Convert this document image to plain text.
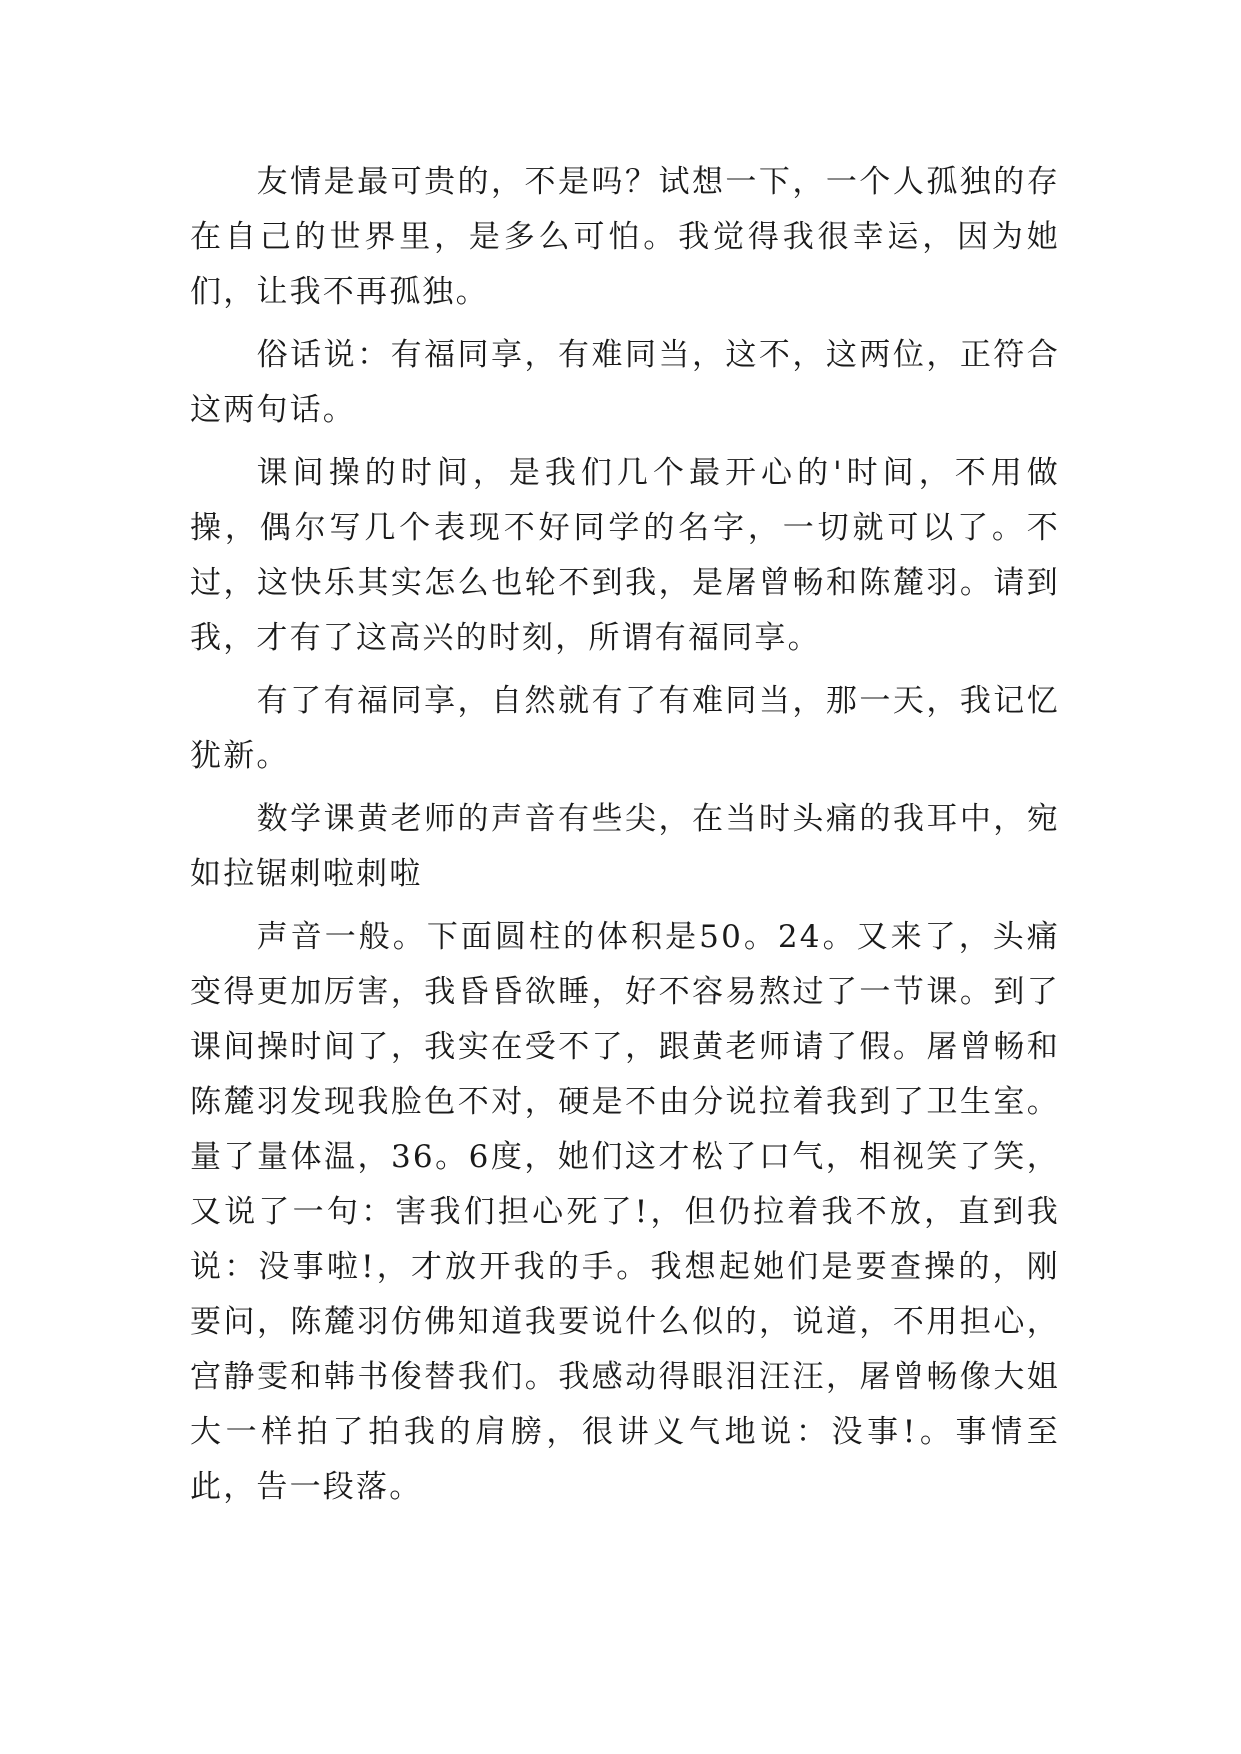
友情是最可贵的，不是吗？试想一下，一个人孤独的存在自己的世界里，是多么可怕。我觉得我很幸运，因为她们，让我不再孤独。

俗话说：有福同享，有难同当，这不，这两位，正符合这两句话。

课间操的时间，是我们几个最开心的'时间，不用做操，偶尔写几个表现不好同学的名字，一切就可以了。不过，这快乐其实怎么也轮不到我，是屠曾畅和陈麓羽。请到我，才有了这高兴的时刻，所谓有福同享。

有了有福同享，自然就有了有难同当，那一天，我记忆犹新。

数学课黄老师的声音有些尖，在当时头痛的我耳中，宛如拉锯刺啦刺啦

声音一般。下面圆柱的体积是50。24。又来了，头痛变得更加厉害，我昏昏欲睡，好不容易熬过了一节课。到了课间操时间了，我实在受不了，跟黄老师请了假。屠曾畅和陈麓羽发现我脸色不对，硬是不由分说拉着我到了卫生室。量了量体温，36。6度，她们这才松了口气，相视笑了笑，又说了一句：害我们担心死了!，但仍拉着我不放，直到我说：没事啦!，才放开我的手。我想起她们是要查操的，刚要问，陈麓羽仿佛知道我要说什么似的，说道，不用担心，宫静雯和韩书俊替我们。我感动得眼泪汪汪，屠曾畅像大姐大一样拍了拍我的肩膀，很讲义气地说：没事!。事情至此，告一段落。
